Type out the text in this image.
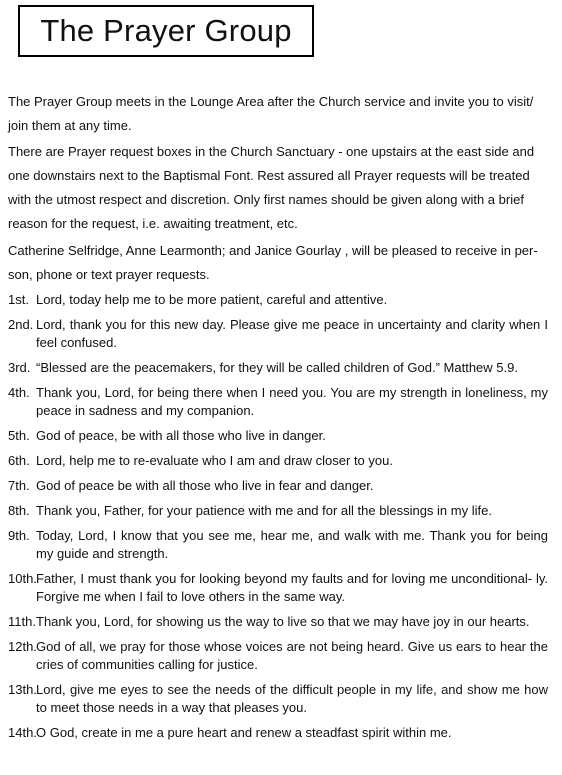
The Prayer Group

The Prayer Group meets in the Lounge Area after the Church service and invite you to visit/ join them at any time.

There are Prayer request boxes in the Church Sanctuary - one upstairs at the east side and one downstairs next to the Baptismal Font. Rest assured all Prayer requests will be treated with the utmost respect and discretion. Only first names should be given along with a brief reason for the request, i.e. awaiting treatment, etc.

Catherine Selfridge, Anne Learmonth; and Janice Gourlay , will be pleased to receive in per- son, phone or text prayer requests.

1st. Lord, today help me to be more patient, careful and attentive.
2nd. Lord, thank you for this new day. Please give me peace in uncertainty and clarity when I feel confused.
3rd. “Blessed are the peacemakers, for they will be called children of God.” Matthew 5.9.
4th. Thank you, Lord, for being there when I need you. You are my strength in loneliness, my peace in sadness and my companion.
5th. God of peace, be with all those who live in danger.
6th. Lord, help me to re-evaluate who I am and draw closer to you.
7th. God of peace be with all those who live in fear and danger.
8th. Thank you, Father, for your patience with me and for all the blessings in my life.
9th. Today, Lord, I know that you see me, hear me, and walk with me. Thank you for being my guide and strength.
10th. Father, I must thank you for looking beyond my faults and for loving me unconditional- ly. Forgive me when I fail to love others in the same way.
11th. Thank you, Lord, for showing us the way to live so that we may have joy in our hearts.
12th. God of all, we pray for those whose voices are not being heard. Give us ears to hear the cries of communities calling for justice.
13th. Lord, give me eyes to see the needs of the difficult people in my life, and show me how to meet those needs in a way that pleases you.
14th. O God, create in me a pure heart and renew a steadfast spirit within me.
